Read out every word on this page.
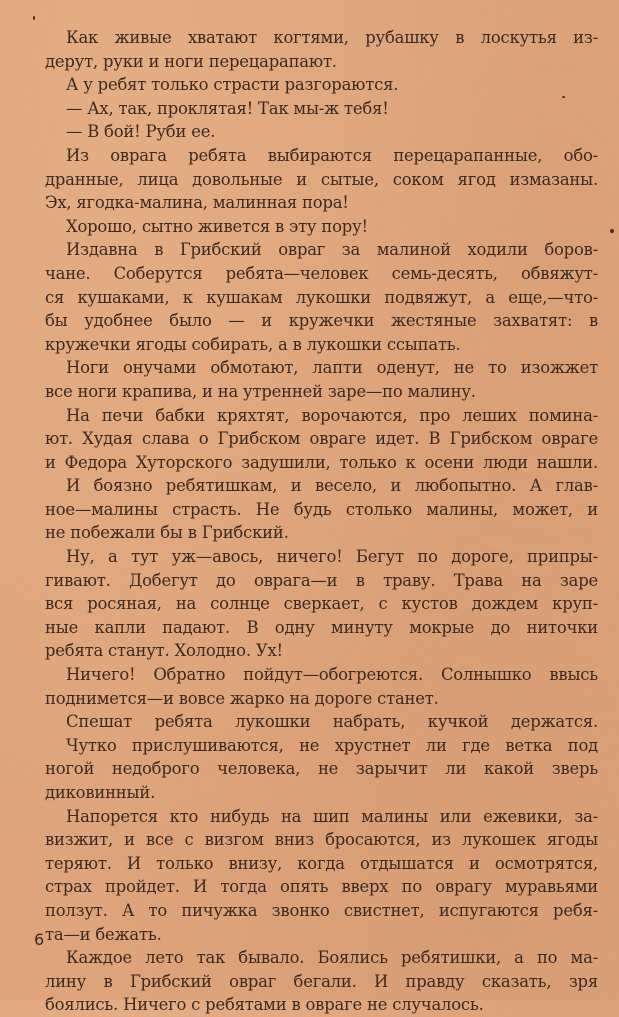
Как живые хватают когтями, рубашку в лоскутья из-
дерут, руки и ноги перецарапают.
А у ребят только страсти разгораются.
— Ах, так, проклятая! Так мы-ж тебя!
— В бой! Руби ее.
Из оврага ребята выбираются перецарапанные, обо-
дранные, лица довольные и сытые, соком ягод измазаны.
Эх, ягодка-малина, малинная пора!
Хорошо, сытно живется в эту пору!
Издавна в Грибский овраг за малиной ходили боров-
чане. Соберутся ребята—человек семь-десять, обвяжут-
ся кушаками, к кушакам лукошки подвяжут, а еще,—что-
бы удобнее было — и кружечки жестяные захватят: в
кружечки ягоды собирать, а в лукошки ссыпать.
Ноги онучами обмотают, лапти оденут, не то изожжет
все ноги крапива, и на утренней заре—по малину.
На печи бабки кряхтят, ворочаются, про леших помина-
ют. Худая слава о Грибском овраге идет. В Грибском овраге
и Федора Хуторского задушили, только к осени люди нашли.
И боязно ребятишкам, и весело, и любопытно. А глав-
ное—малины страсть. Не будь столько малины, может, и
не побежали бы в Грибский.
Ну, а тут уж—авось, ничего! Бегут по дороге, припры-
гивают. Добегут до оврага—и в траву. Трава на заре
вся росяная, на солнце сверкает, с кустов дождем круп-
ные капли падают. В одну минуту мокрые до ниточки
ребята станут. Холодно. Ух!
Ничего! Обратно пойдут—обогреются. Солнышко ввысь
поднимется—и вовсе жарко на дороге станет.
Спешат ребята лукошки набрать, кучкой держатся.
Чутко прислушиваются, не хрустнет ли где ветка под
ногой недоброго человека, не зарычит ли какой зверь
диковинный.
Напорется кто нибудь на шип малины или ежевики, за-
визжит, и все с визгом вниз бросаются, из лукошек ягоды
теряют. И только внизу, когда отдышатся и осмотрятся,
страх пройдет. И тогда опять вверх по оврагу муравьями
ползут. А то пичужка звонко свистнет, испугаются ребя-
та—и бежать.
Каждое лето так бывало. Боялись ребятишки, а по ма-
лину в Грибский овраг бегали. И правду сказать, зря
боялись. Ничего с ребятами в овраге не случалось.
6
